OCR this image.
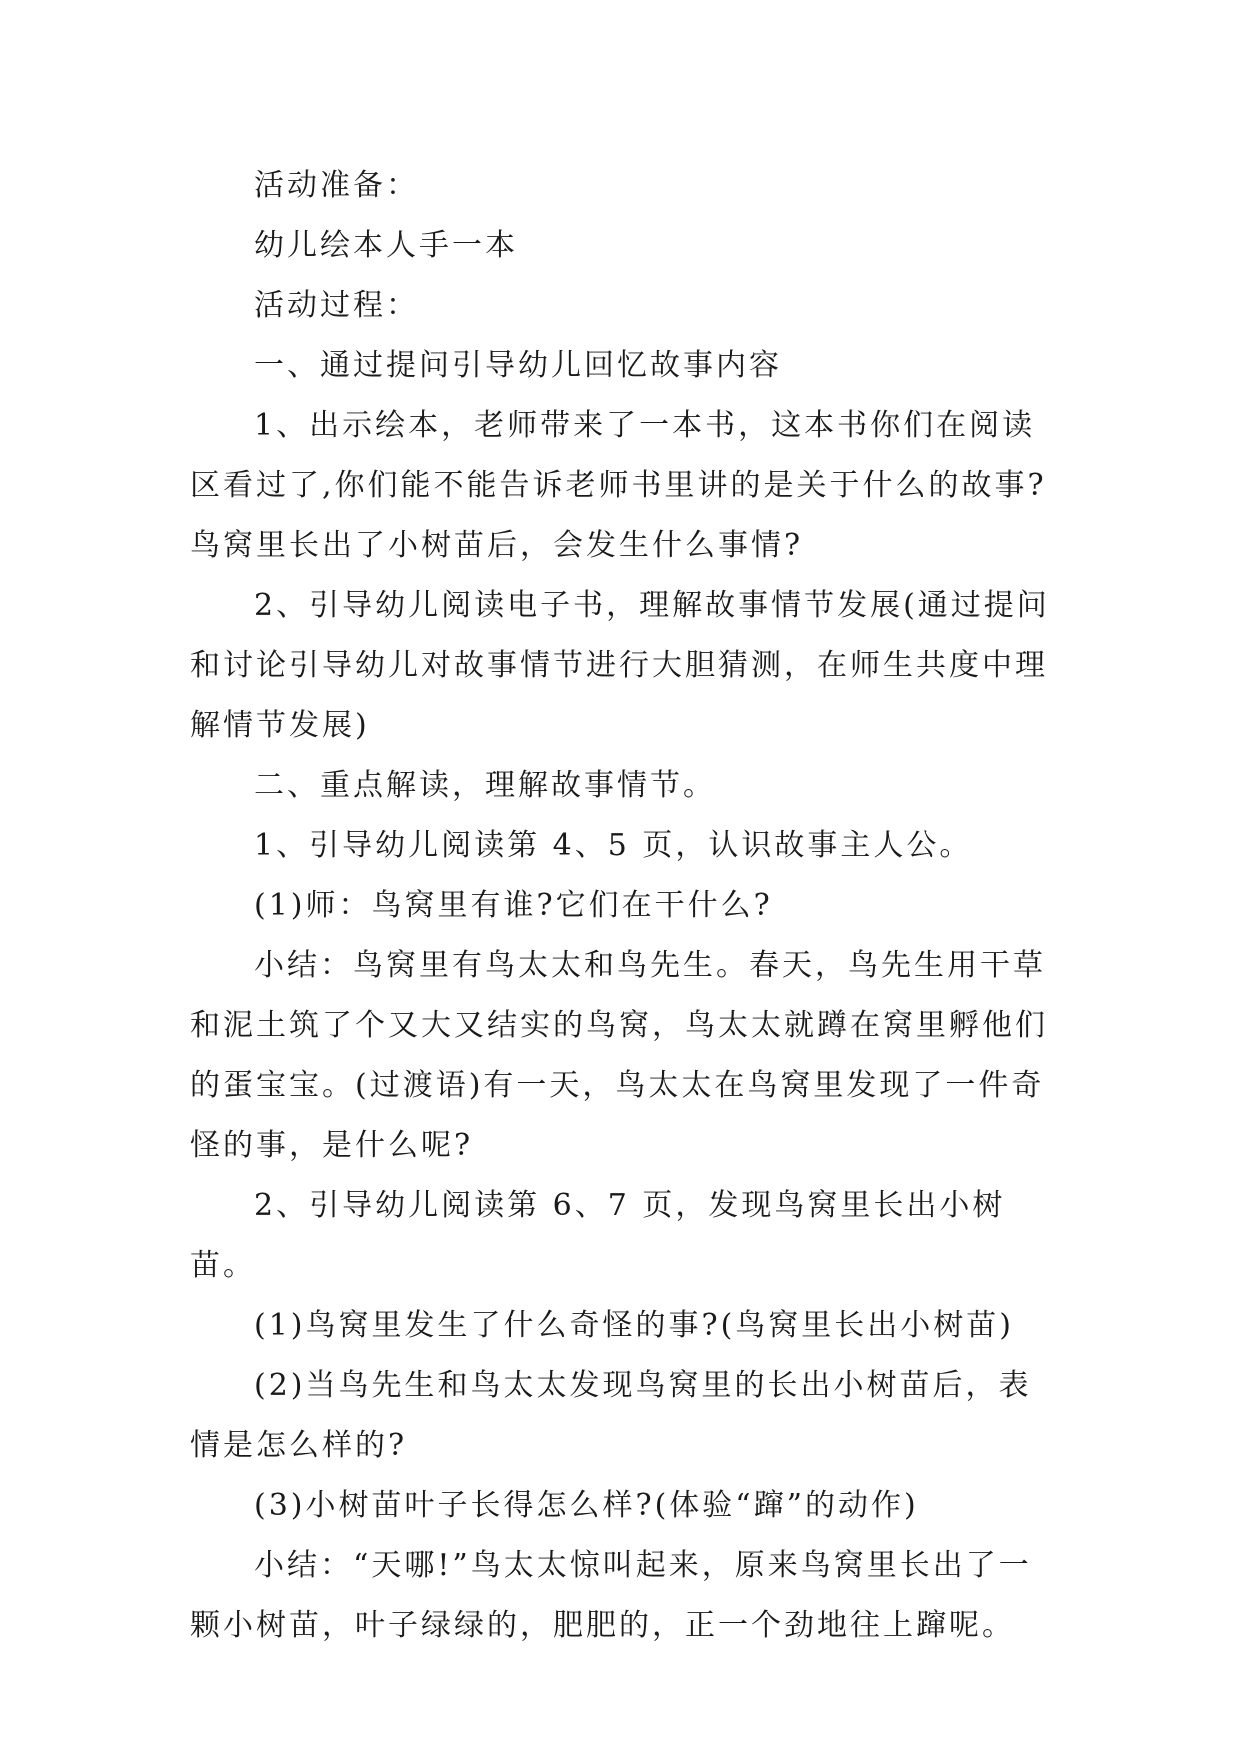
活动准备：

幼儿绘本人手一本

活动过程：

一、通过提问引导幼儿回忆故事内容

1、出示绘本，老师带来了一本书，这本书你们在阅读区看过了,你们能不能告诉老师书里讲的是关于什么的故事?鸟窝里长出了小树苗后，会发生什么事情?

2、引导幼儿阅读电子书，理解故事情节发展(通过提问和讨论引导幼儿对故事情节进行大胆猜测，在师生共度中理解情节发展)

二、重点解读，理解故事情节。

1、引导幼儿阅读第 4、5 页，认识故事主人公。

(1)师：鸟窝里有谁?它们在干什么?

小结：鸟窝里有鸟太太和鸟先生。春天，鸟先生用干草和泥土筑了个又大又结实的鸟窝，鸟太太就蹲在窝里孵他们的蛋宝宝。(过渡语)有一天，鸟太太在鸟窝里发现了一件奇怪的事，是什么呢?

2、引导幼儿阅读第 6、7 页，发现鸟窝里长出小树苗。

(1)鸟窝里发生了什么奇怪的事?(鸟窝里长出小树苗)

(2)当鸟先生和鸟太太发现鸟窝里的长出小树苗后，表情是怎么样的?

(3)小树苗叶子长得怎么样?(体验“蹿”的动作)

小结：“天哪!”鸟太太惊叫起来，原来鸟窝里长出了一颗小树苗，叶子绿绿的，肥肥的，正一个劲地往上蹿呢。
